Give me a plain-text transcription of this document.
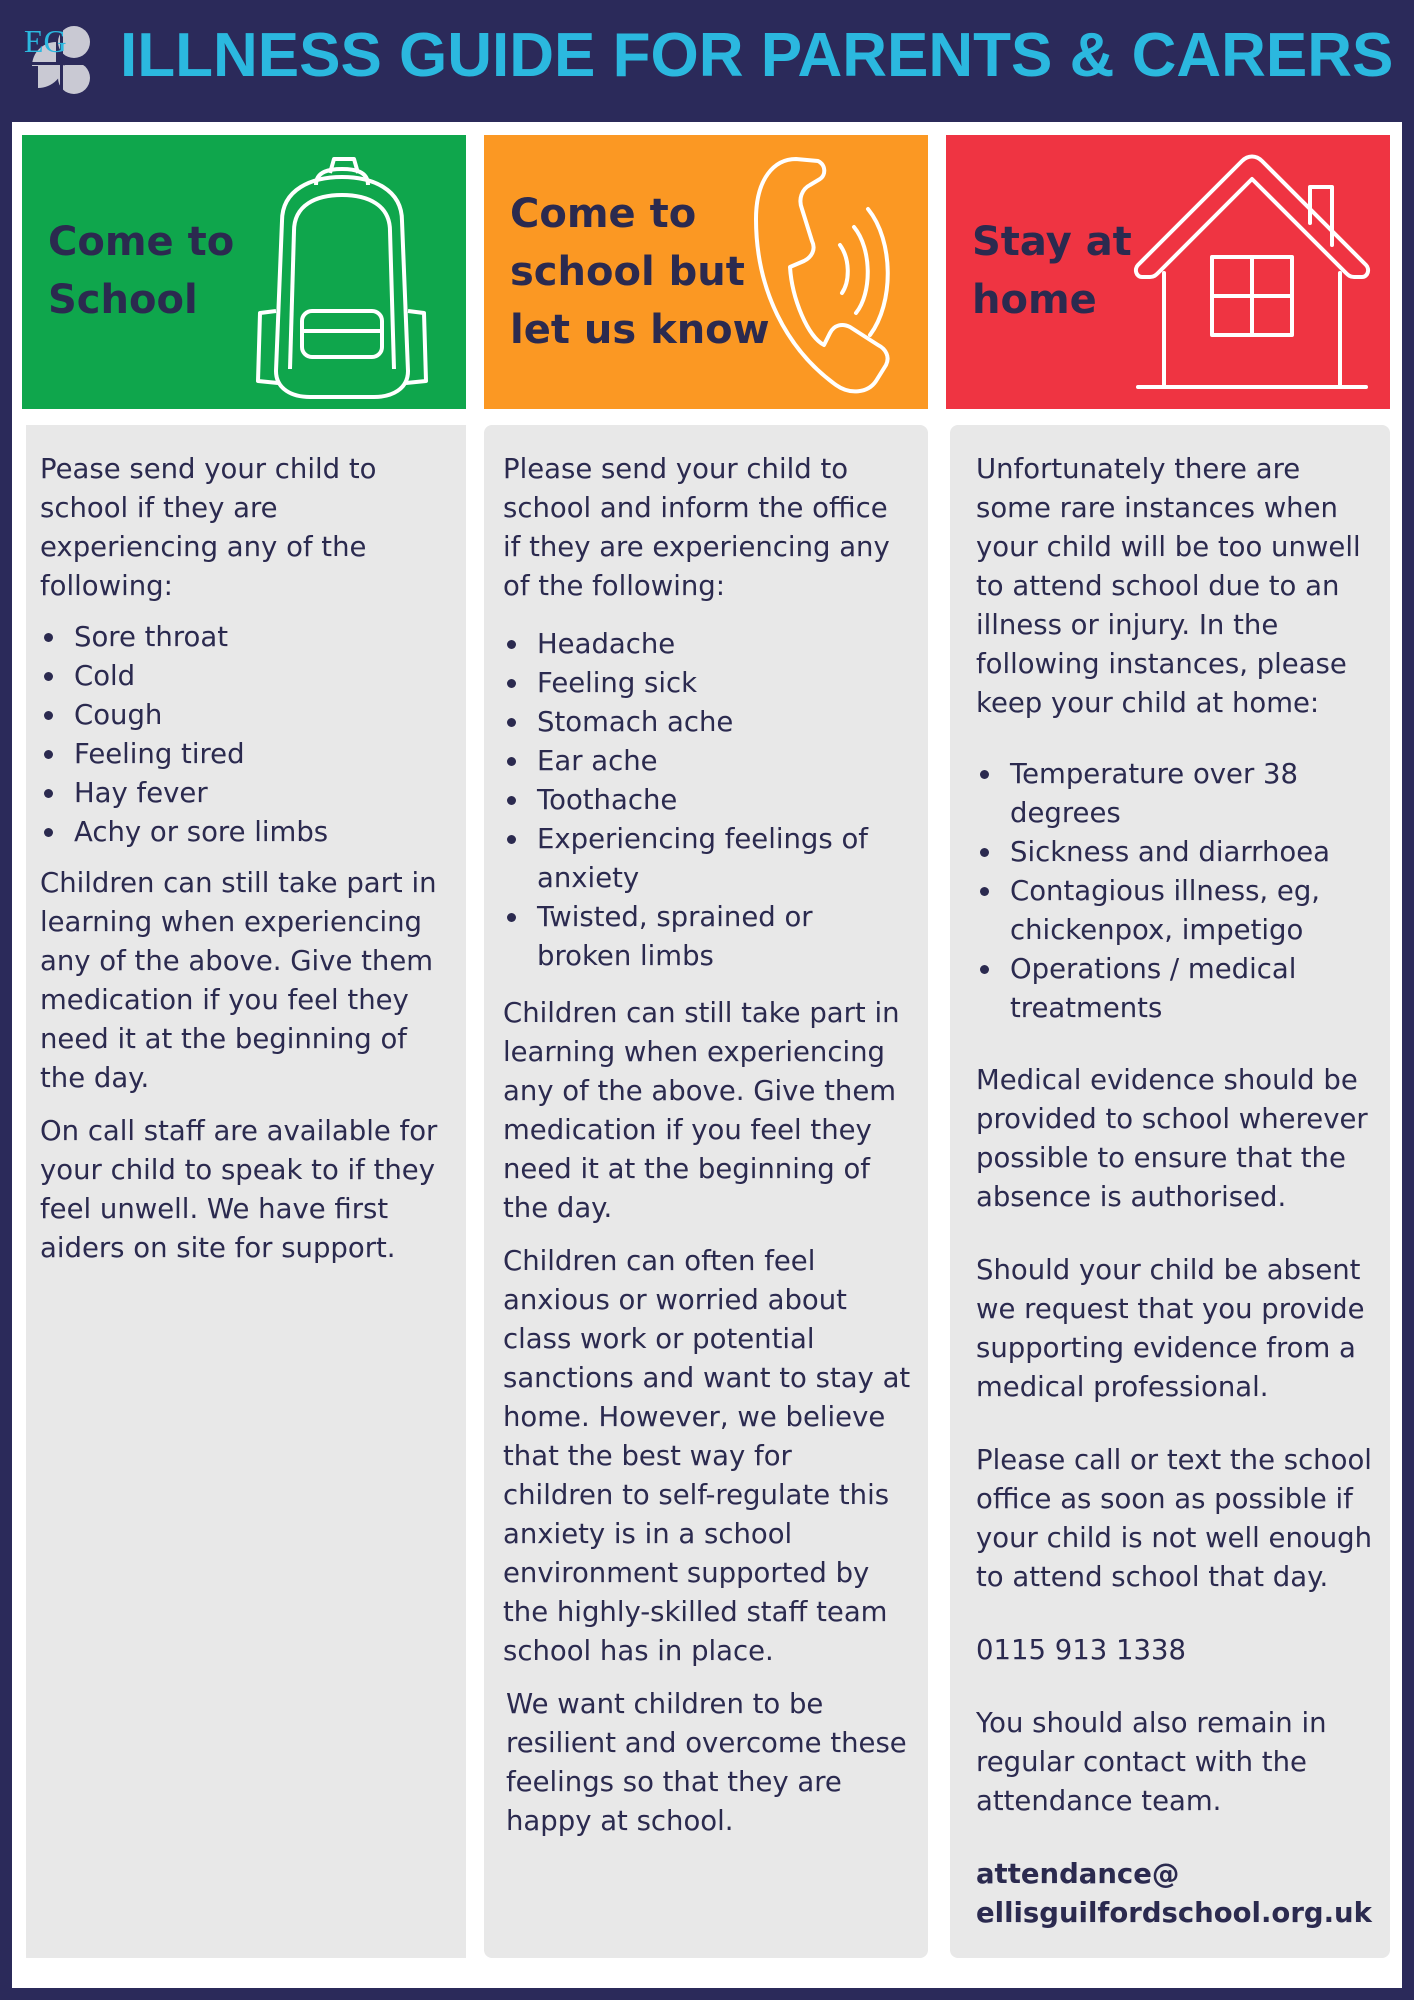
EG ILLNESS GUIDE FOR PARENTS & CARERS
Come to
School
Come to
school but
let us know
Stay at
home

Pease send your child to
school if they are
experiencing any of the
following:

Sore throat
Cold
Cough
Feeling tired
Hay fever
Achy or sore limbs

Children can still take part in
learning when experiencing
any of the above. Give them
medication if you feel they
need it at the beginning of
the day.

On call staff are available for
your child to speak to if they
feel unwell. We have first
aiders on site for support.

Please send your child to
school and inform the office
if they are experiencing any
of the following:

Headache
Feeling sick
Stomach ache
Ear ache
Toothache
Experiencing feelings of
anxiety
Twisted, sprained or
broken limbs

Children can still take part in
learning when experiencing
any of the above. Give them
medication if you feel they
need it at the beginning of
the day.

Children can often feel
anxious or worried about
class work or potential
sanctions and want to stay at
home. However, we believe
that the best way for
children to self-regulate this
anxiety is in a school
environment supported by
the highly-skilled staff team
school has in place.

We want children to be
resilient and overcome these
feelings so that they are
happy at school.

Unfortunately there are
some rare instances when
your child will be too unwell
to attend school due to an
illness or injury. In the
following instances, please
keep your child at home:

Temperature over 38
degrees
Sickness and diarrhoea
Contagious illness, eg,
chickenpox, impetigo
Operations / medical
treatments

Medical evidence should be
provided to school wherever
possible to ensure that the
absence is authorised.

Should your child be absent
we request that you provide
supporting evidence from a
medical professional.

Please call or text the school
office as soon as possible if
your child is not well enough
to attend school that day.

0115 913 1338

You should also remain in
regular contact with the
attendance team.

attendance@
ellisguilfordschool.org.uk
